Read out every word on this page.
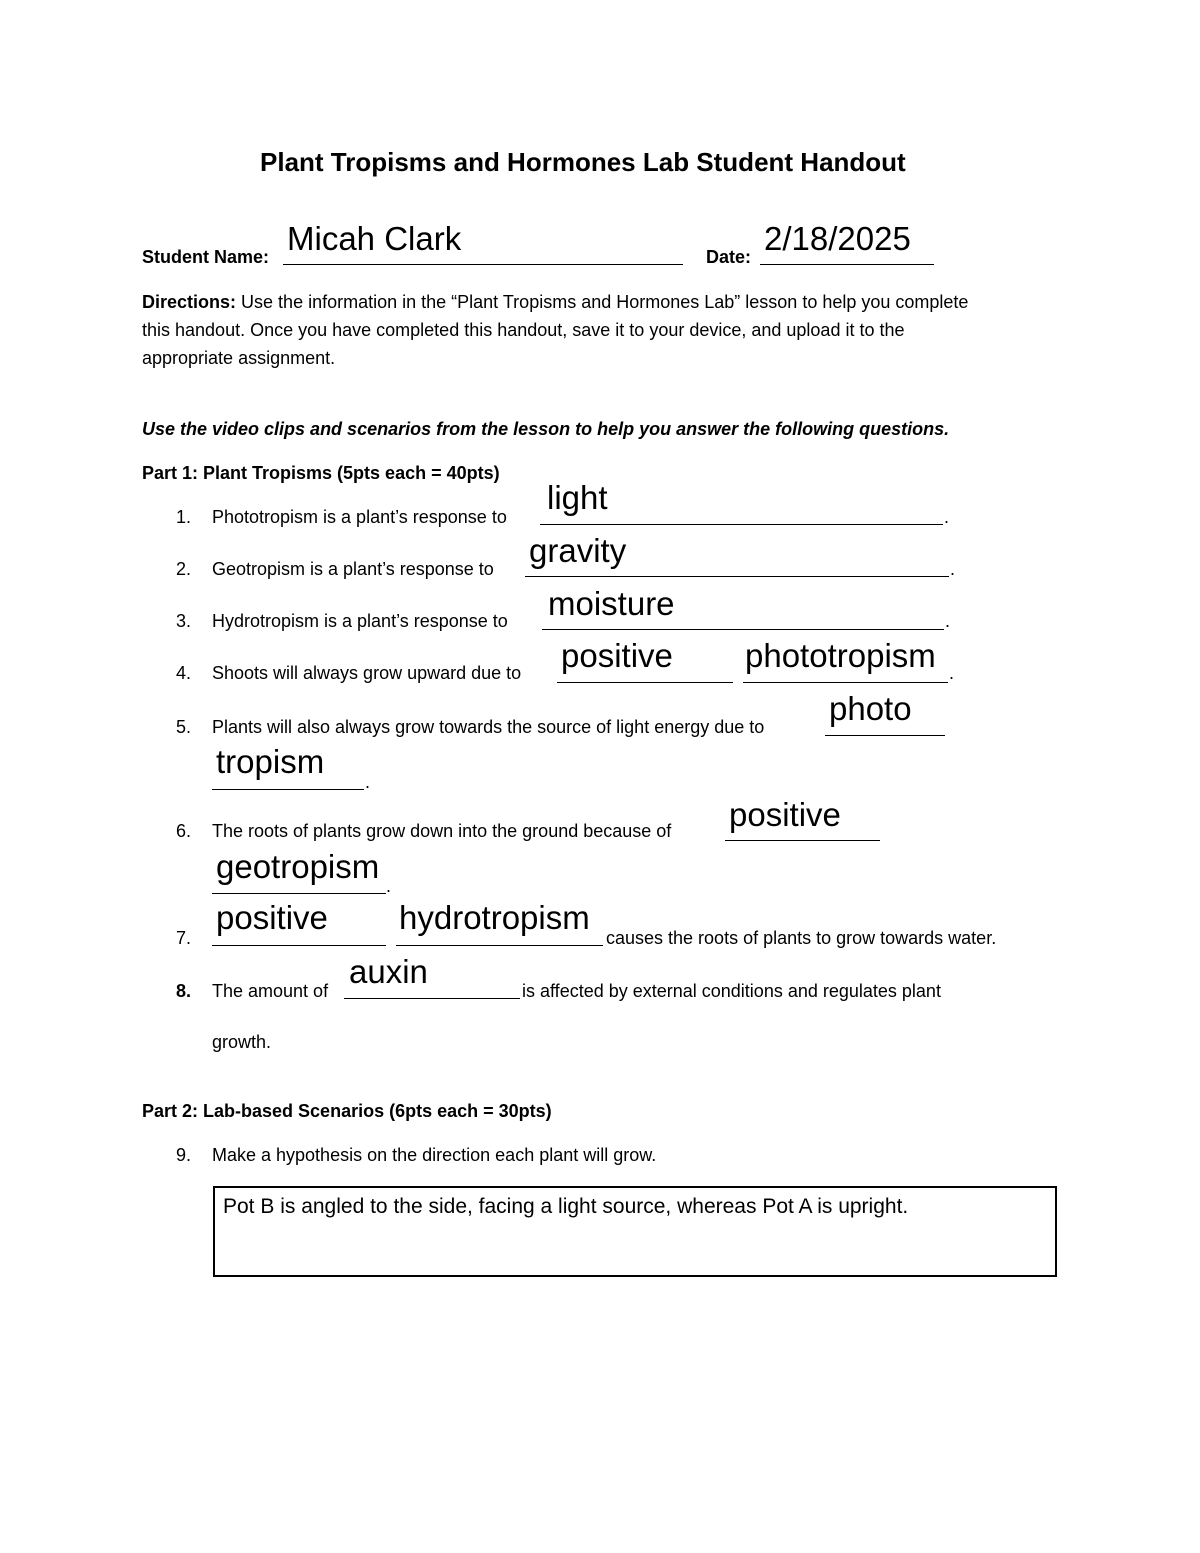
Plant Tropisms and Hormones Lab Student Handout
Student Name: Micah Clark	Date: 2/18/2025
Directions: Use the information in the “Plant Tropisms and Hormones Lab” lesson to help you complete
this handout. Once you have completed this handout, save it to your device, and upload it to the
appropriate assignment.
Use the video clips and scenarios from the lesson to help you answer the following questions.
Part 1: Plant Tropisms (5pts each = 40pts)
1. Phototropism is a plant’s response to
light
.
2. Geotropism is a plant’s response to gravity	.
3. Hydrotropism is a plant’s response to moisture	.
4. Shoots will always grow upward due to positive phototropism .
5. Plants will also always grow towards the source of light energy due to photo
tropism
.
6. The roots of plants grow down into the ground because of positive
geotropism
.
7.
positive hydrotropism
causes the roots of plants to grow towards water.
8. The amount of
auxin
is affected by external conditions and regulates plant
growth.
Part 2: Lab-based Scenarios (6pts each = 30pts)
9. Make a hypothesis on the direction each plant will grow.
Pot B is angled to the side, facing a light source, whereas Pot A is upright.
